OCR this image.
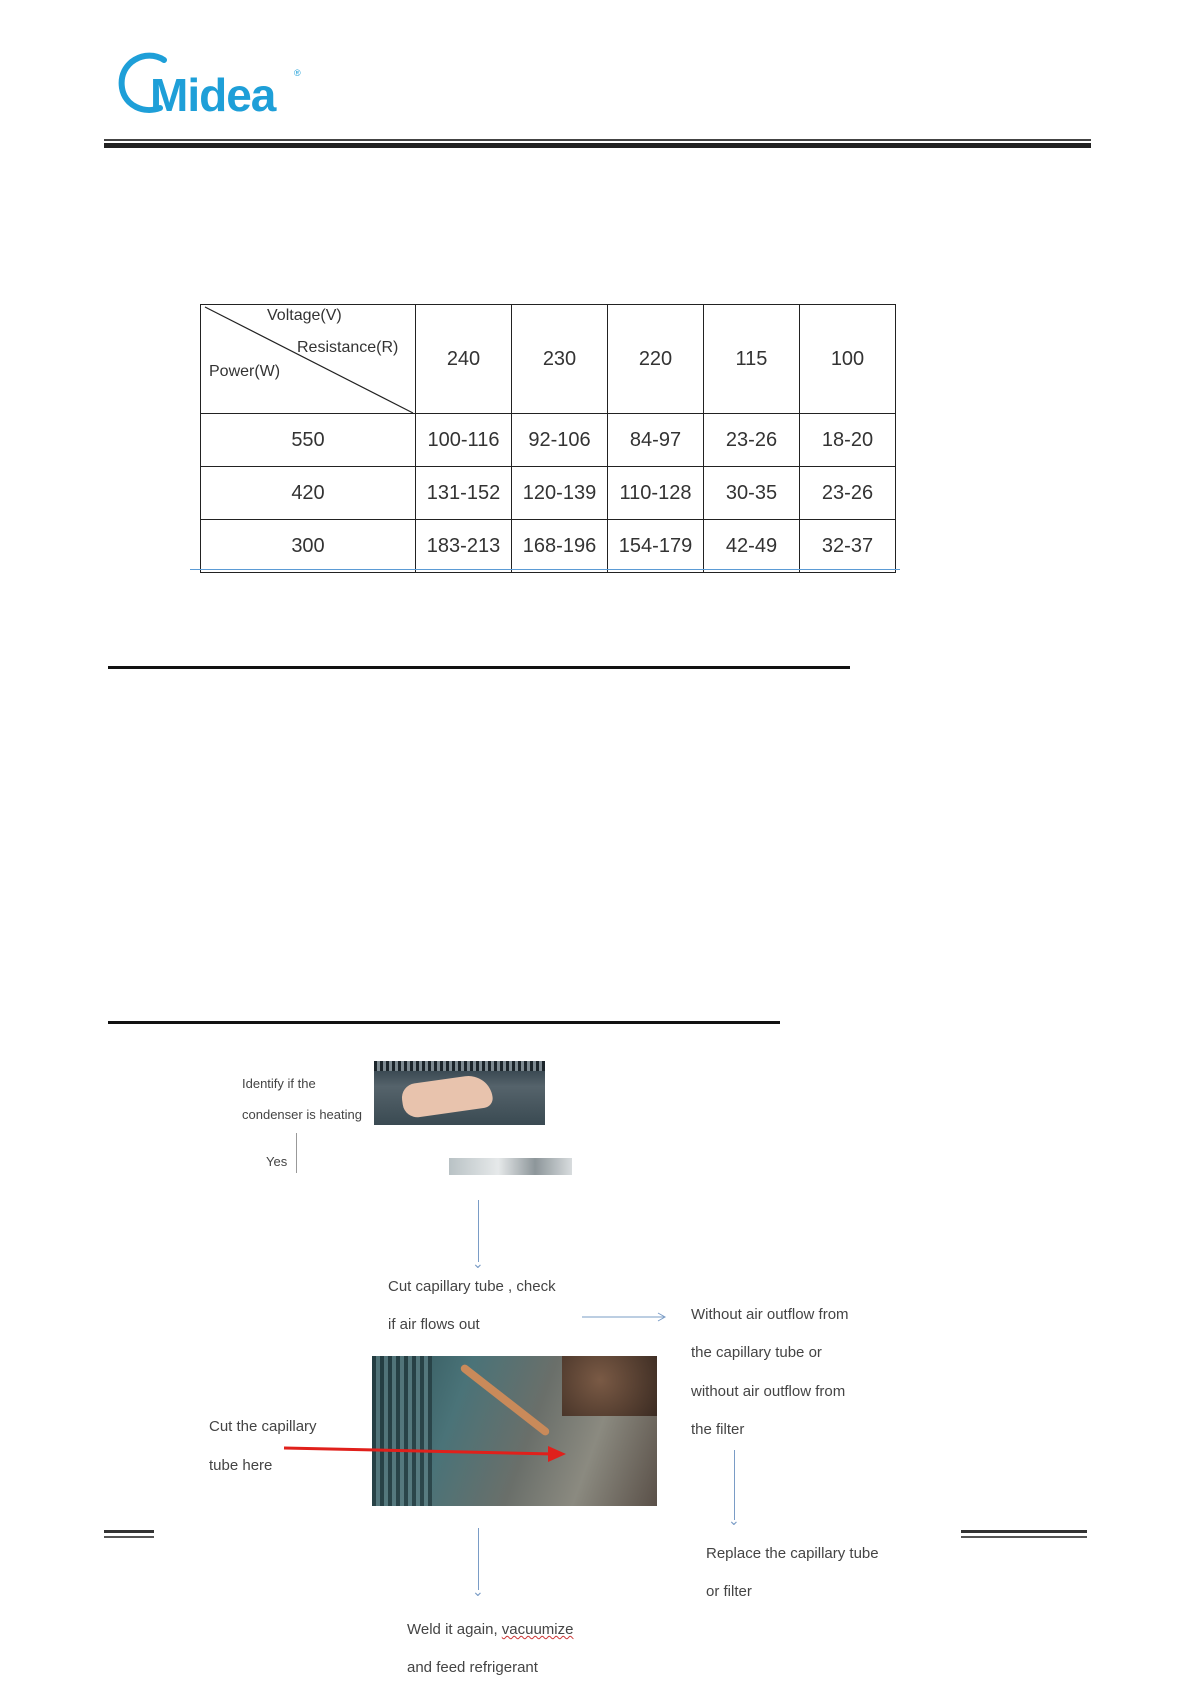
Midea ®
Voltage(V)
Resistance(R)
Power(W)	240	230	220	115	100
550	100-116	92-106	84-97	23-26	18-20
420	131-152	120-139	110-128	30-35	23-26
300	183-213	168-196	154-179	42-49	32-37
Identify if the
condenser is heating
Yes
⌄
Cut capillary tube , check
if air flows out
Without air outflow from
the capillary tube or
without air outflow from
the filter
⌄
Cut the capillary
tube here
⌄
Replace the capillary tube
or filter
Weld it again, vacuumize
and feed refrigerant
